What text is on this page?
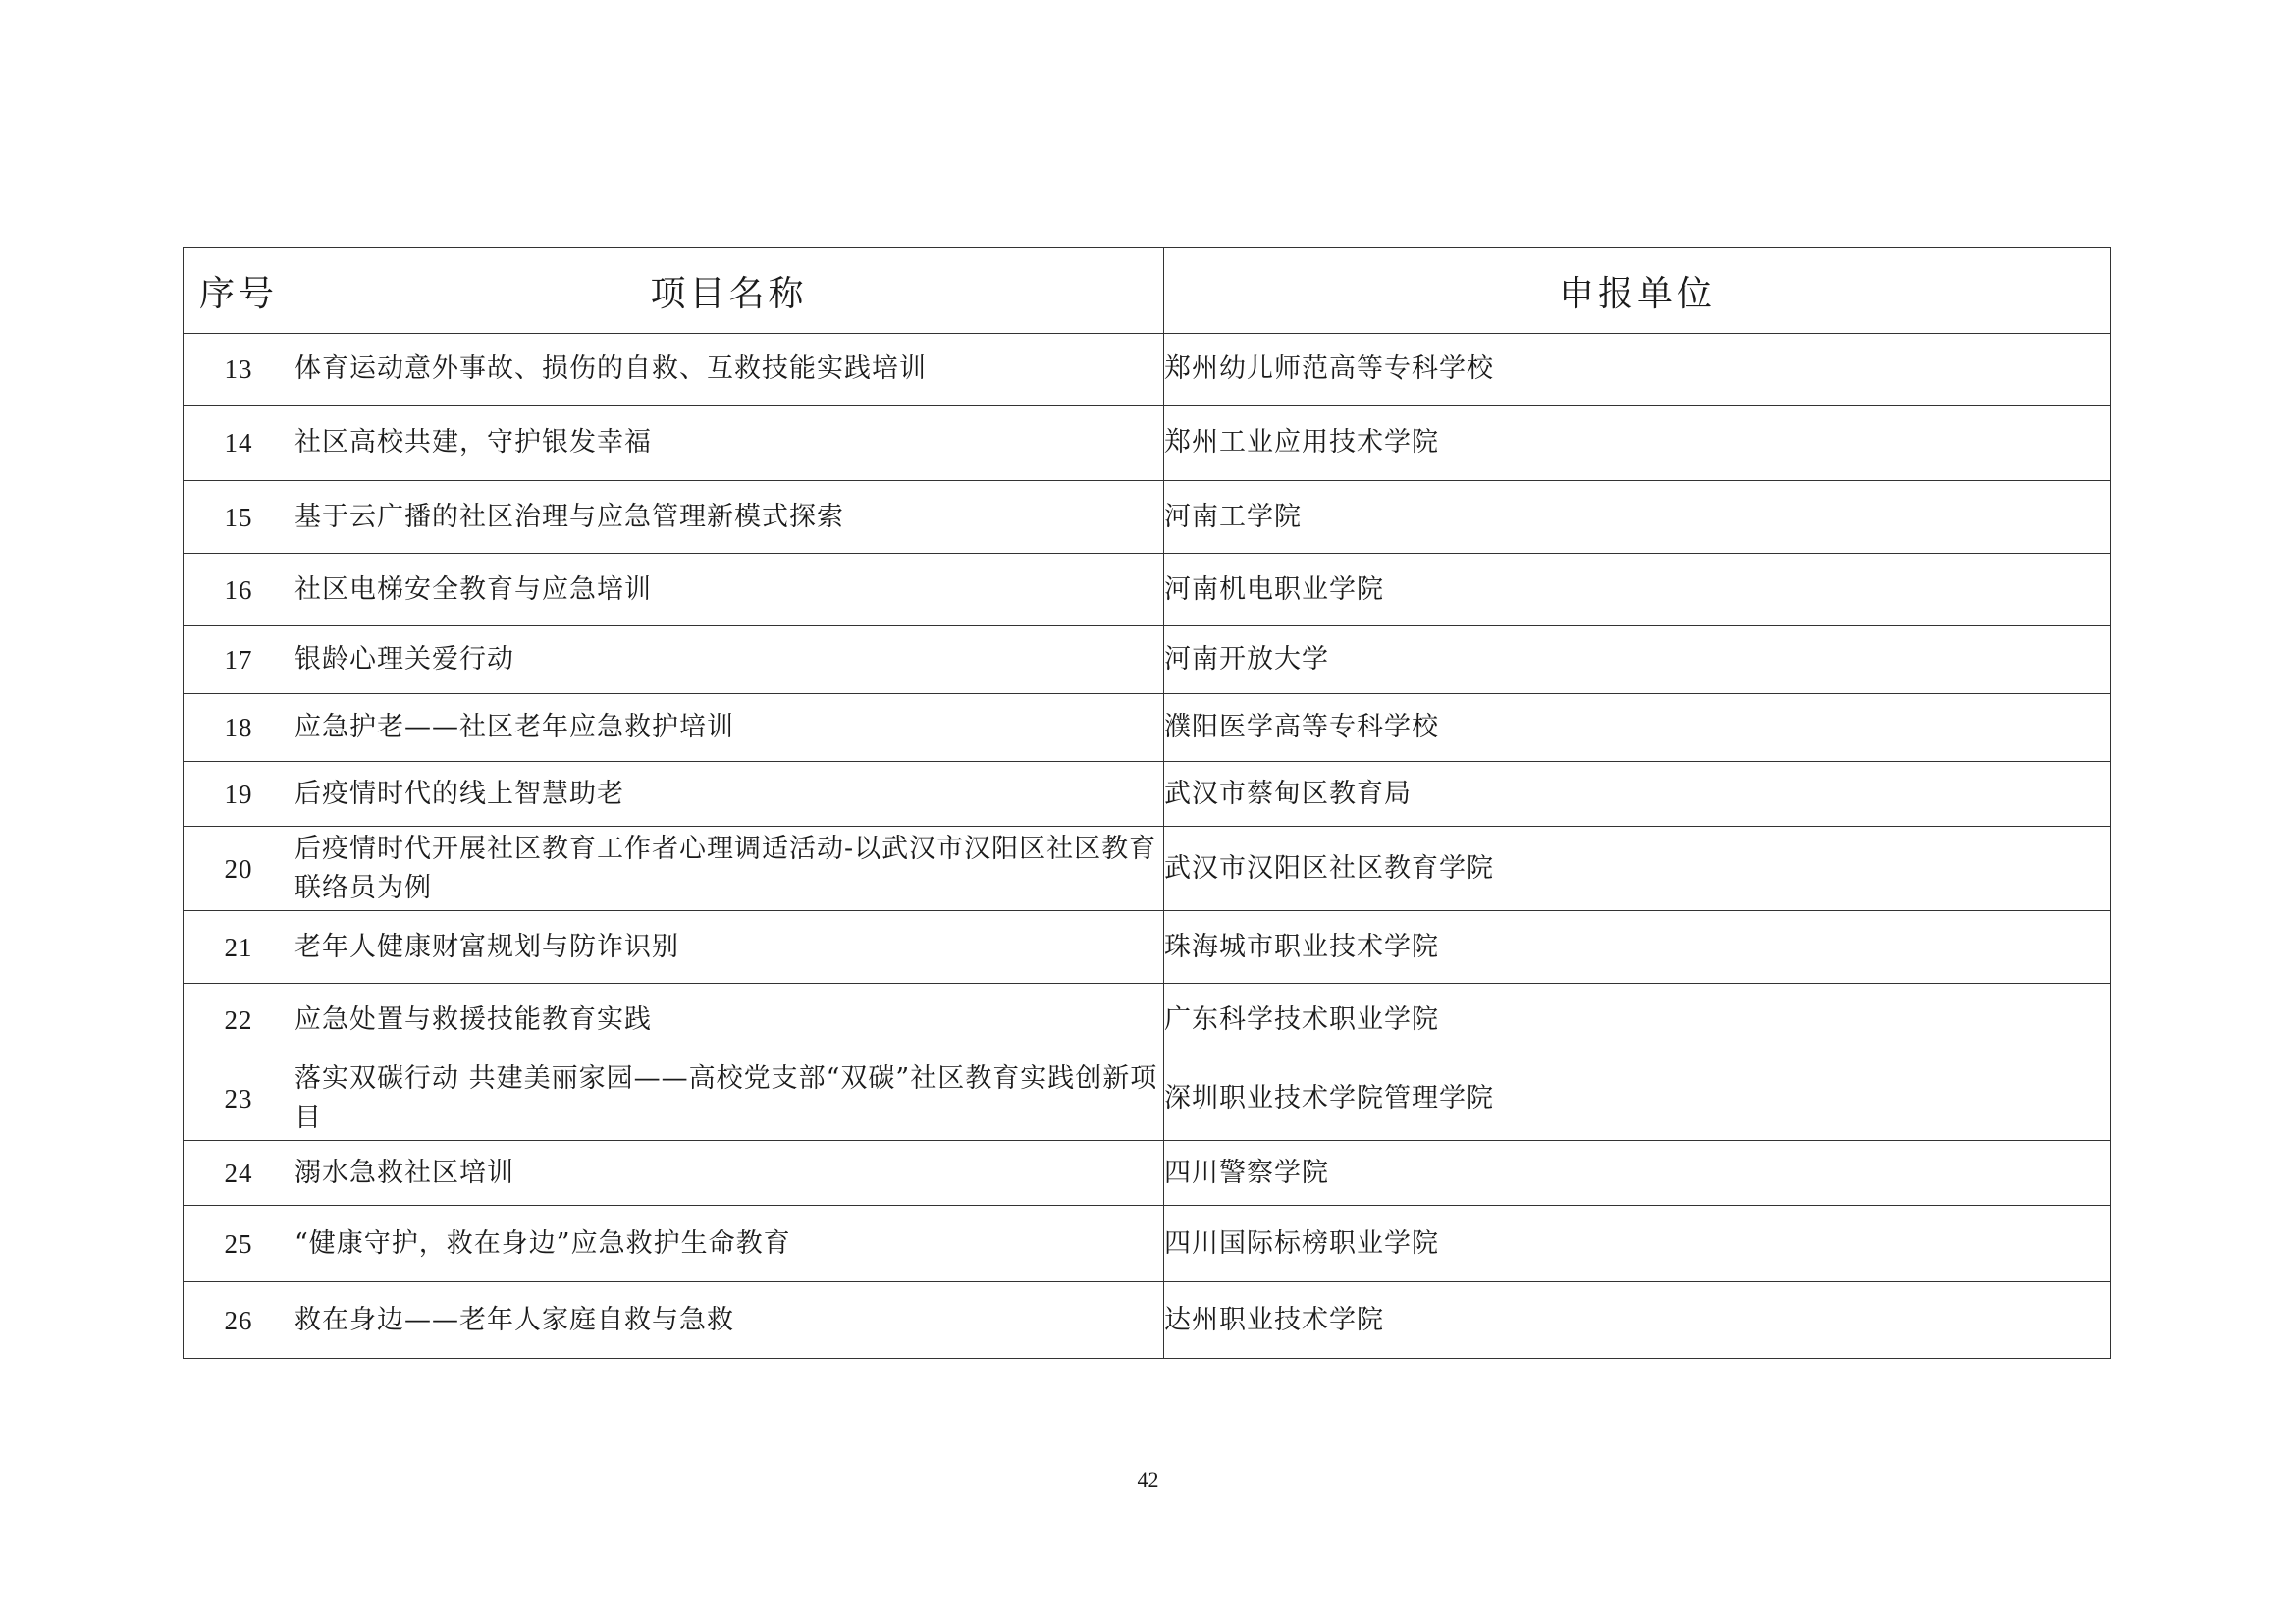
序号	项目名称	申报单位
13	体育运动意外事故、损伤的自救、互救技能实践培训	郑州幼儿师范高等专科学校
14	社区高校共建，守护银发幸福	郑州工业应用技术学院
15	基于云广播的社区治理与应急管理新模式探索	河南工学院
16	社区电梯安全教育与应急培训	河南机电职业学院
17	银龄心理关爱行动	河南开放大学
18	应急护老——社区老年应急救护培训	濮阳医学高等专科学校
19	后疫情时代的线上智慧助老	武汉市蔡甸区教育局
20	后疫情时代开展社区教育工作者心理调适活动-以武汉市汉阳区社区教育联络员为例	武汉市汉阳区社区教育学院
21	老年人健康财富规划与防诈识别	珠海城市职业技术学院
22	应急处置与救援技能教育实践	广东科学技术职业学院
23	落实双碳行动 共建美丽家园——高校党支部“双碳”社区教育实践创新项目	深圳职业技术学院管理学院
24	溺水急救社区培训	四川警察学院
25	“健康守护，救在身边”应急救护生命教育	四川国际标榜职业学院
26	救在身边——老年人家庭自救与急救	达州职业技术学院
42
